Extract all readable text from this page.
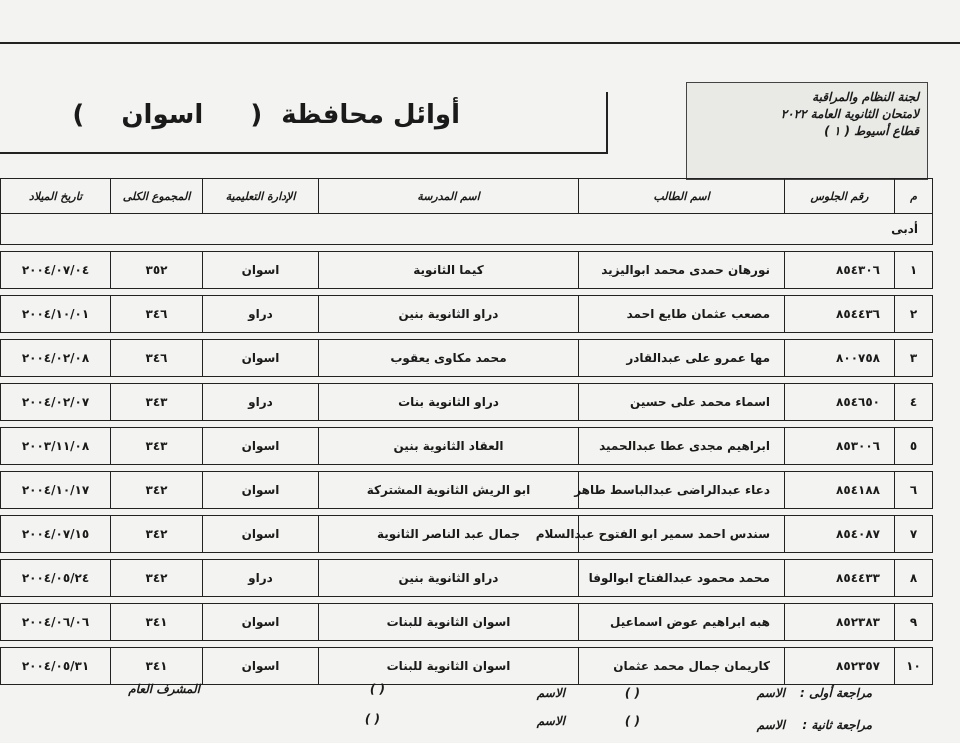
لجنة النظام والمراقبة
لامتحان الثانوية العامة ٢٠٢٢
قطاع أسيوط ( ١ )
أوائل محافظة ( اسوان )
م	رقم الجلوس	اسم الطالب	اسم المدرسة	الإدارة التعليمية	المجموع الكلى	تاريخ الميلاد
أدبى						

١	٨٥٤٣٠٦	نورهان حمدى محمد ابواليزيد	كيما الثانوية	اسوان	٣٥٢	٢٠٠٤/٠٧/٠٤

٢	٨٥٤٤٣٦	مصعب عثمان طايع احمد	دراو الثانوية بنين	دراو	٣٤٦	٢٠٠٤/١٠/٠١

٣	٨٠٠٧٥٨	مها عمرو على عبدالقادر	محمد مكاوى يعقوب	اسوان	٣٤٦	٢٠٠٤/٠٢/٠٨

٤	٨٥٤٦٥٠	اسماء محمد على حسين	دراو الثانوية بنات	دراو	٣٤٣	٢٠٠٤/٠٢/٠٧

٥	٨٥٣٠٠٦	ابراهيم مجدى عطا عبدالحميد	العقاد الثانوية بنين	اسوان	٣٤٣	٢٠٠٣/١١/٠٨

٦	٨٥٤١٨٨	دعاء عبدالراضى عبدالباسط طاهر	ابو الريش الثانوية المشتركة	اسوان	٣٤٢	٢٠٠٤/١٠/١٧

٧	٨٥٤٠٨٧	سندس احمد سمير ابو الفتوح عبدالسلام	جمال عبد الناصر الثانوية	اسوان	٣٤٢	٢٠٠٤/٠٧/١٥

٨	٨٥٤٤٣٣	محمد محمود عبدالفتاح ابوالوفا	دراو الثانوية بنين	دراو	٣٤٢	٢٠٠٤/٠٥/٢٤

٩	٨٥٢٣٨٣	هبه ابراهيم عوض اسماعيل	اسوان الثانوية للبنات	اسوان	٣٤١	٢٠٠٤/٠٦/٠٦

١٠	٨٥٢٣٥٧	كاريمان جمال محمد عثمان	اسوان الثانوية للبنات	اسوان	٣٤١	٢٠٠٤/٠٥/٣١
مراجعة أولى :
الاسم
( )
الاسم
( )
المشرف العام
مراجعة ثانية :
الاسم
( )
الاسم
( )
